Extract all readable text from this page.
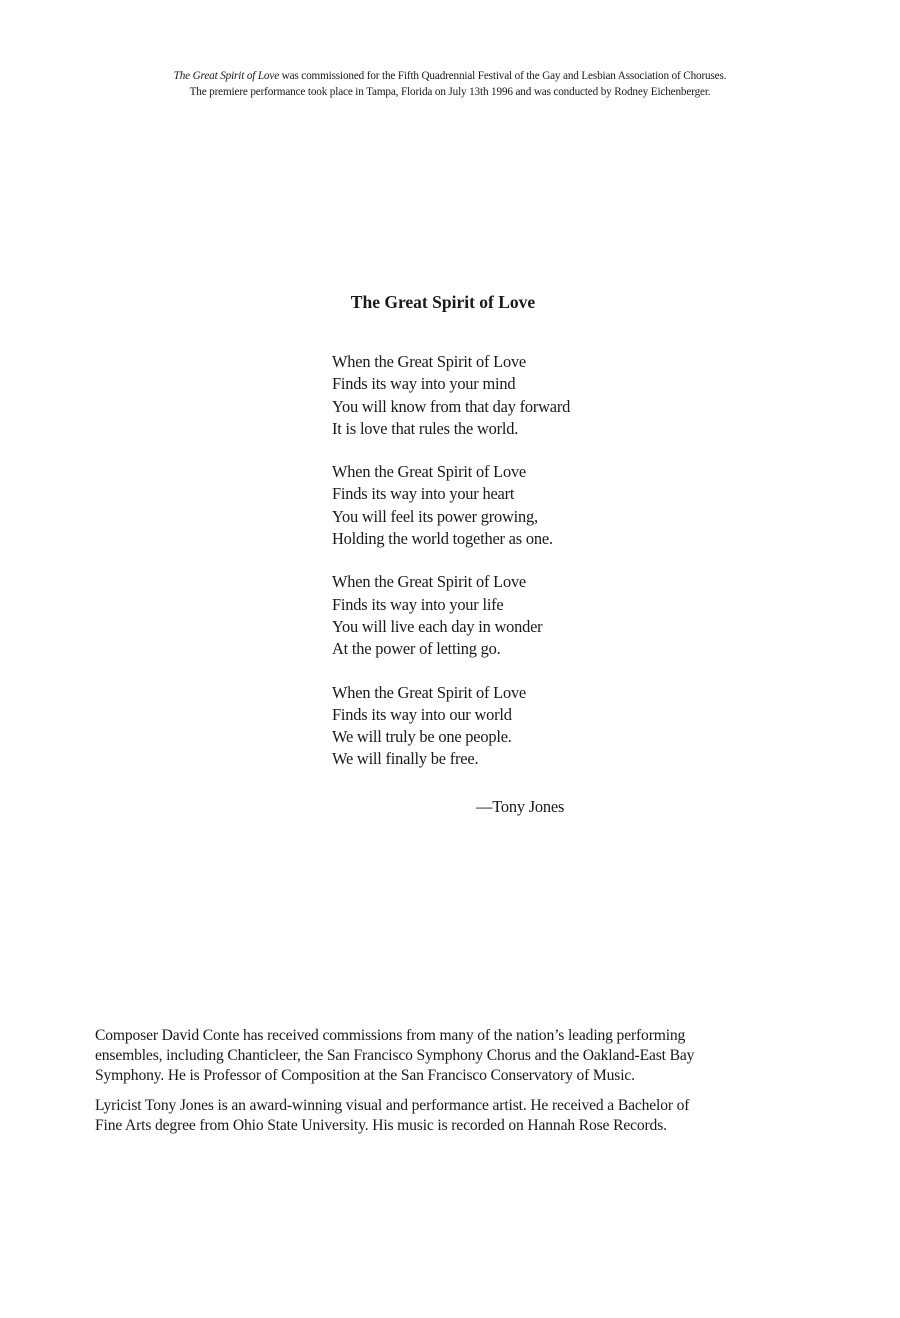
The Great Spirit of Love was commissioned for the Fifth Quadrennial Festival of the Gay and Lesbian Association of Choruses.
The premiere performance took place in Tampa, Florida on July 13th 1996 and was conducted by Rodney Eichenberger.
The Great Spirit of Love
When the Great Spirit of Love
Finds its way into your mind
You will know from that day forward
It is love that rules the world.
When the Great Spirit of Love
Finds its way into your heart
You will feel its power growing,
Holding the world together as one.
When the Great Spirit of Love
Finds its way into your life
You will live each day in wonder
At the power of letting go.
When the Great Spirit of Love
Finds its way into our world
We will truly be one people.
We will finally be free.
—Tony Jones

Composer David Conte has received commissions from many of the nation’s leading performing
ensembles, including Chanticleer, the San Francisco Symphony Chorus and the Oakland-East Bay
Symphony. He is Professor of Composition at the San Francisco Conservatory of Music.

Lyricist Tony Jones is an award-winning visual and performance artist. He received a Bachelor of
Fine Arts degree from Ohio State University. His music is recorded on Hannah Rose Records.
